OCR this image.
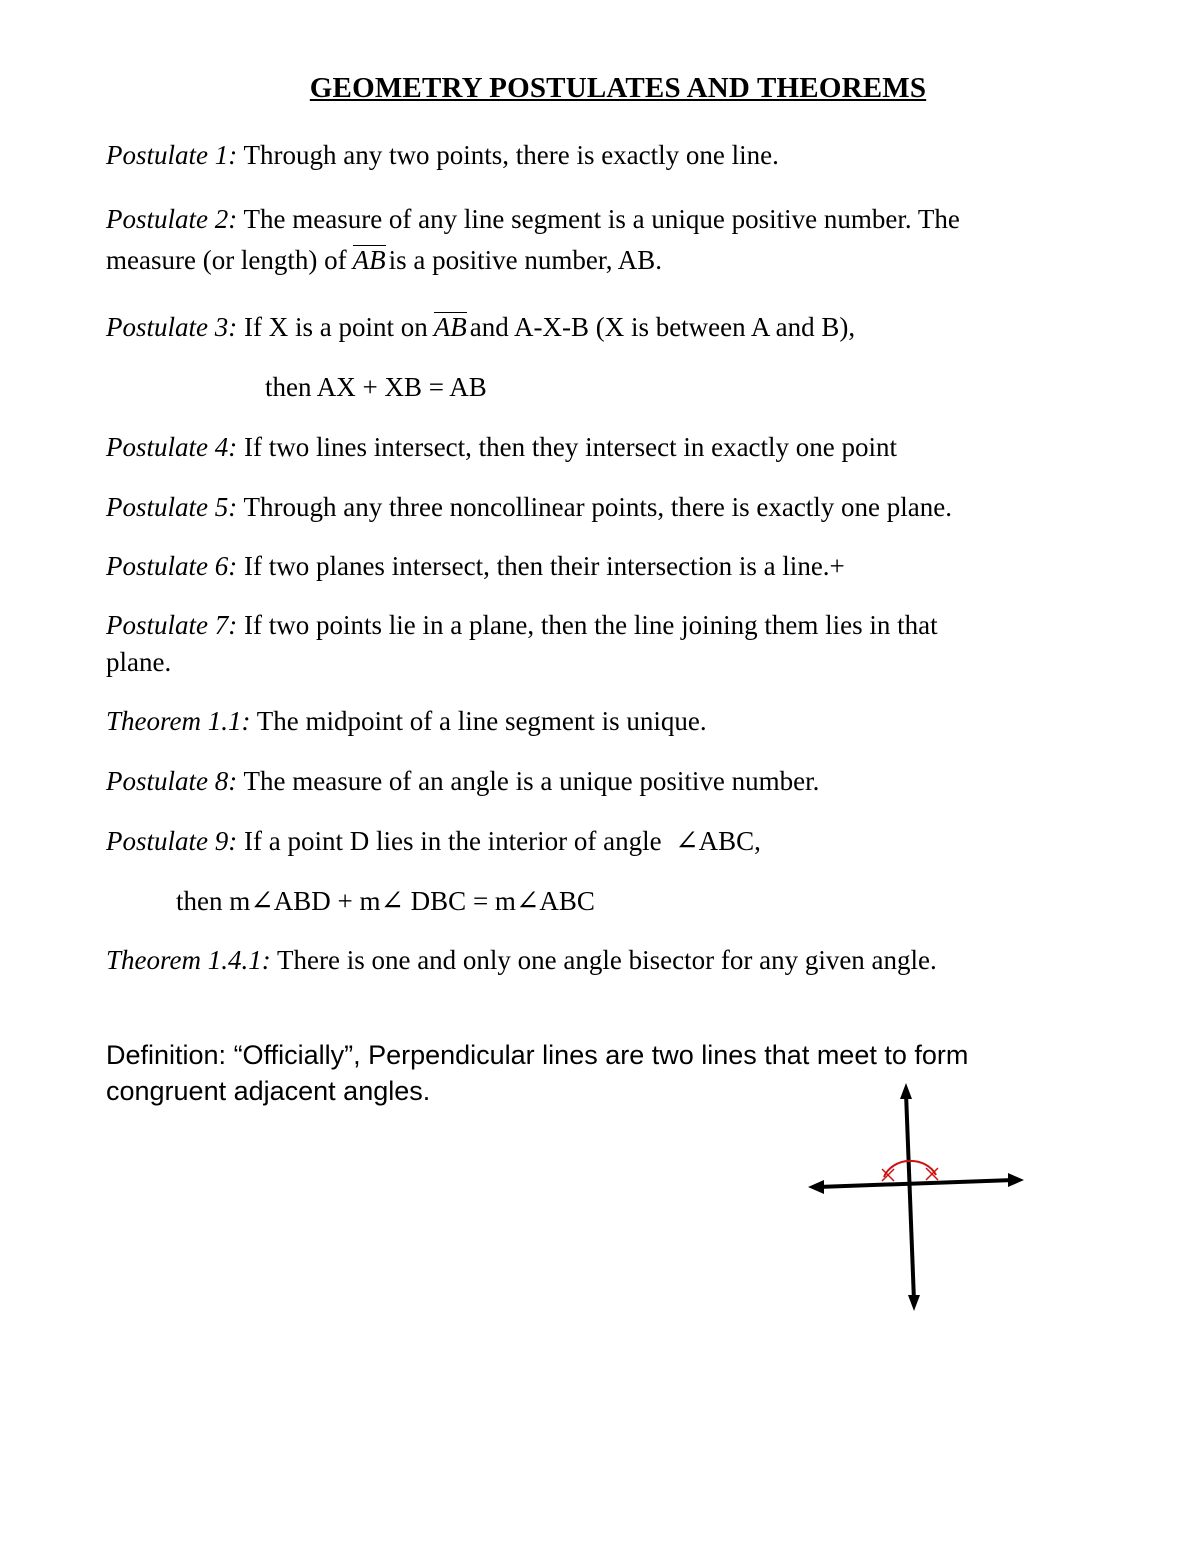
GEOMETRY POSTULATES AND THEOREMS
Postulate 1: Through any two points, there is exactly one line.
Postulate 2: The measure of any line segment is a unique positive number. The
measure (or length) of AB is a positive number, AB.
Postulate 3: If X is a point on AB and A-X-B (X is between A and B),
then AX + XB = AB
Postulate 4: If two lines intersect, then they intersect in exactly one point
Postulate 5: Through any three noncollinear points, there is exactly one plane.
Postulate 6: If two planes intersect, then their intersection is a line.+
Postulate 7: If two points lie in a plane, then the line joining them lies in that
plane.
Theorem 1.1: The midpoint of a line segment is unique.
Postulate 8: The measure of an angle is a unique positive number.
Postulate 9: If a point D lies in the interior of angle ∠ABC,
then m∠ABD + m∠ DBC = m∠ABC
Theorem 1.4.1: There is one and only one angle bisector for any given angle.
Definition: “Officially”, Perpendicular lines are two lines that meet to form
congruent adjacent angles.
